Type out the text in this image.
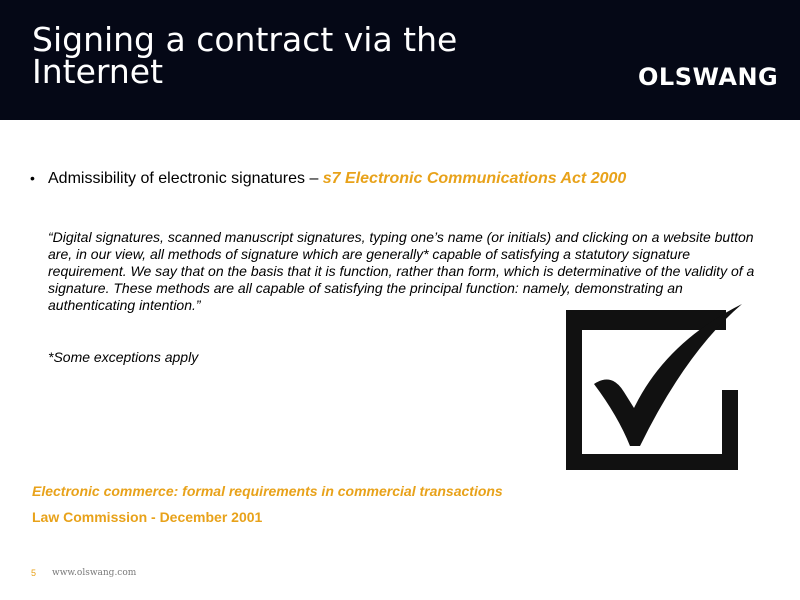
Signing a contract via the Internet	OLSWANG
• Admissibility of electronic signatures – s7 Electronic Communications Act 2000

“Digital signatures, scanned manuscript signatures, typing one’s name (or initials) and clicking on a website button are, in our view, all methods of signature which are generally* capable of satisfying a statutory signature requirement. We say that on the basis that it is function, rather than form, which is determinative of the validity of a signature. These methods are all capable of satisfying the principal function: namely, demonstrating an authenticating intention.”

*Some exceptions apply
Electronic commerce: formal requirements in commercial transactions
Law Commission - December 2001
5 www.olswang.com
